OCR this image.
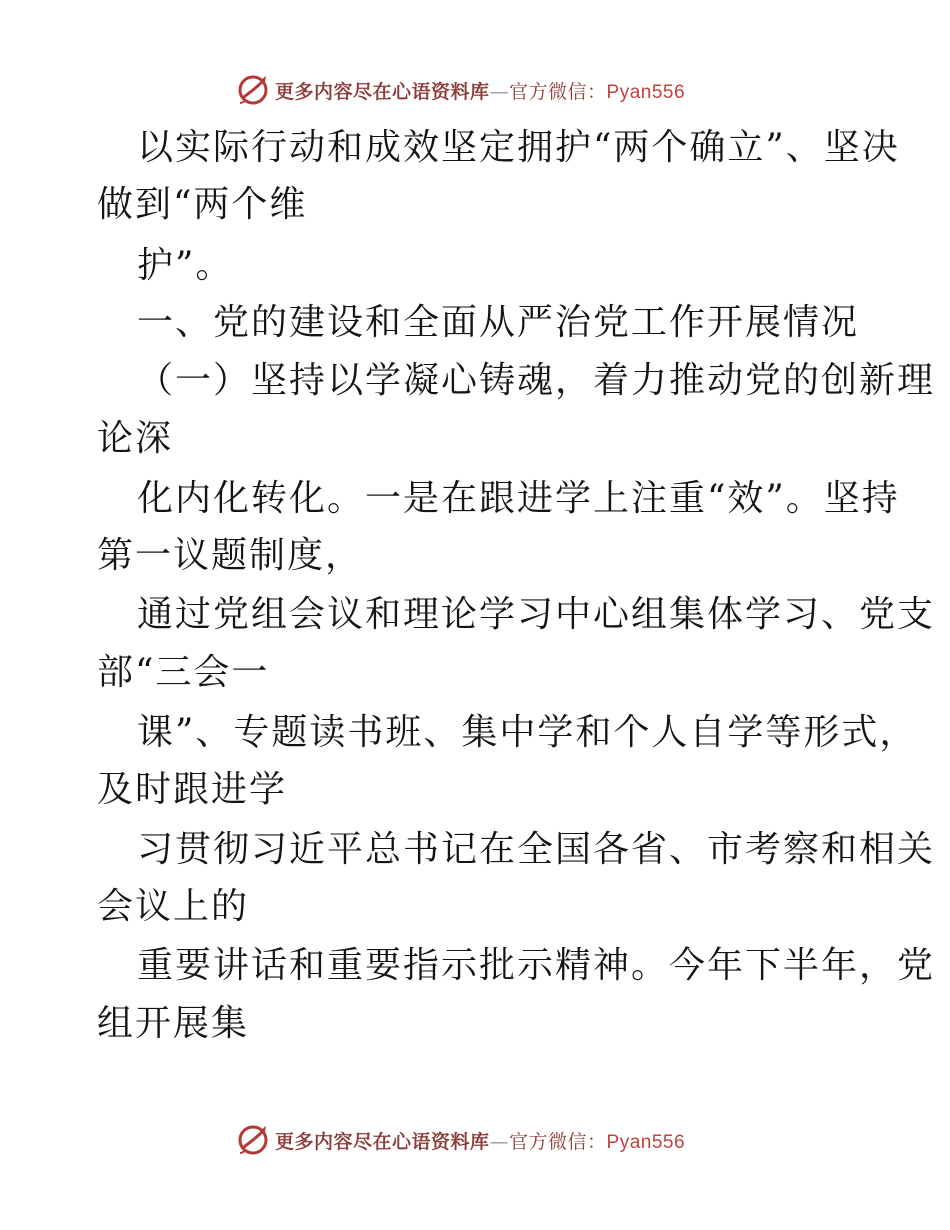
更多内容尽在心语资料库—官方微信：Pyan556

以实际行动和成效坚定拥护“两个确立”、坚决

做到“两个维

护”。

一、党的建设和全面从严治党工作开展情况

（一）坚持以学凝心铸魂，着力推动党的创新理

论深

化内化转化。一是在跟进学上注重“效”。坚持

第一议题制度，

通过党组会议和理论学习中心组集体学习、党支

部“三会一

课”、专题读书班、集中学和个人自学等形式，

及时跟进学

习贯彻习近平总书记在全国各省、市考察和相关

会议上的

重要讲话和重要指示批示精神。今年下半年，党

组开展集

更多内容尽在心语资料库—官方微信：Pyan556
